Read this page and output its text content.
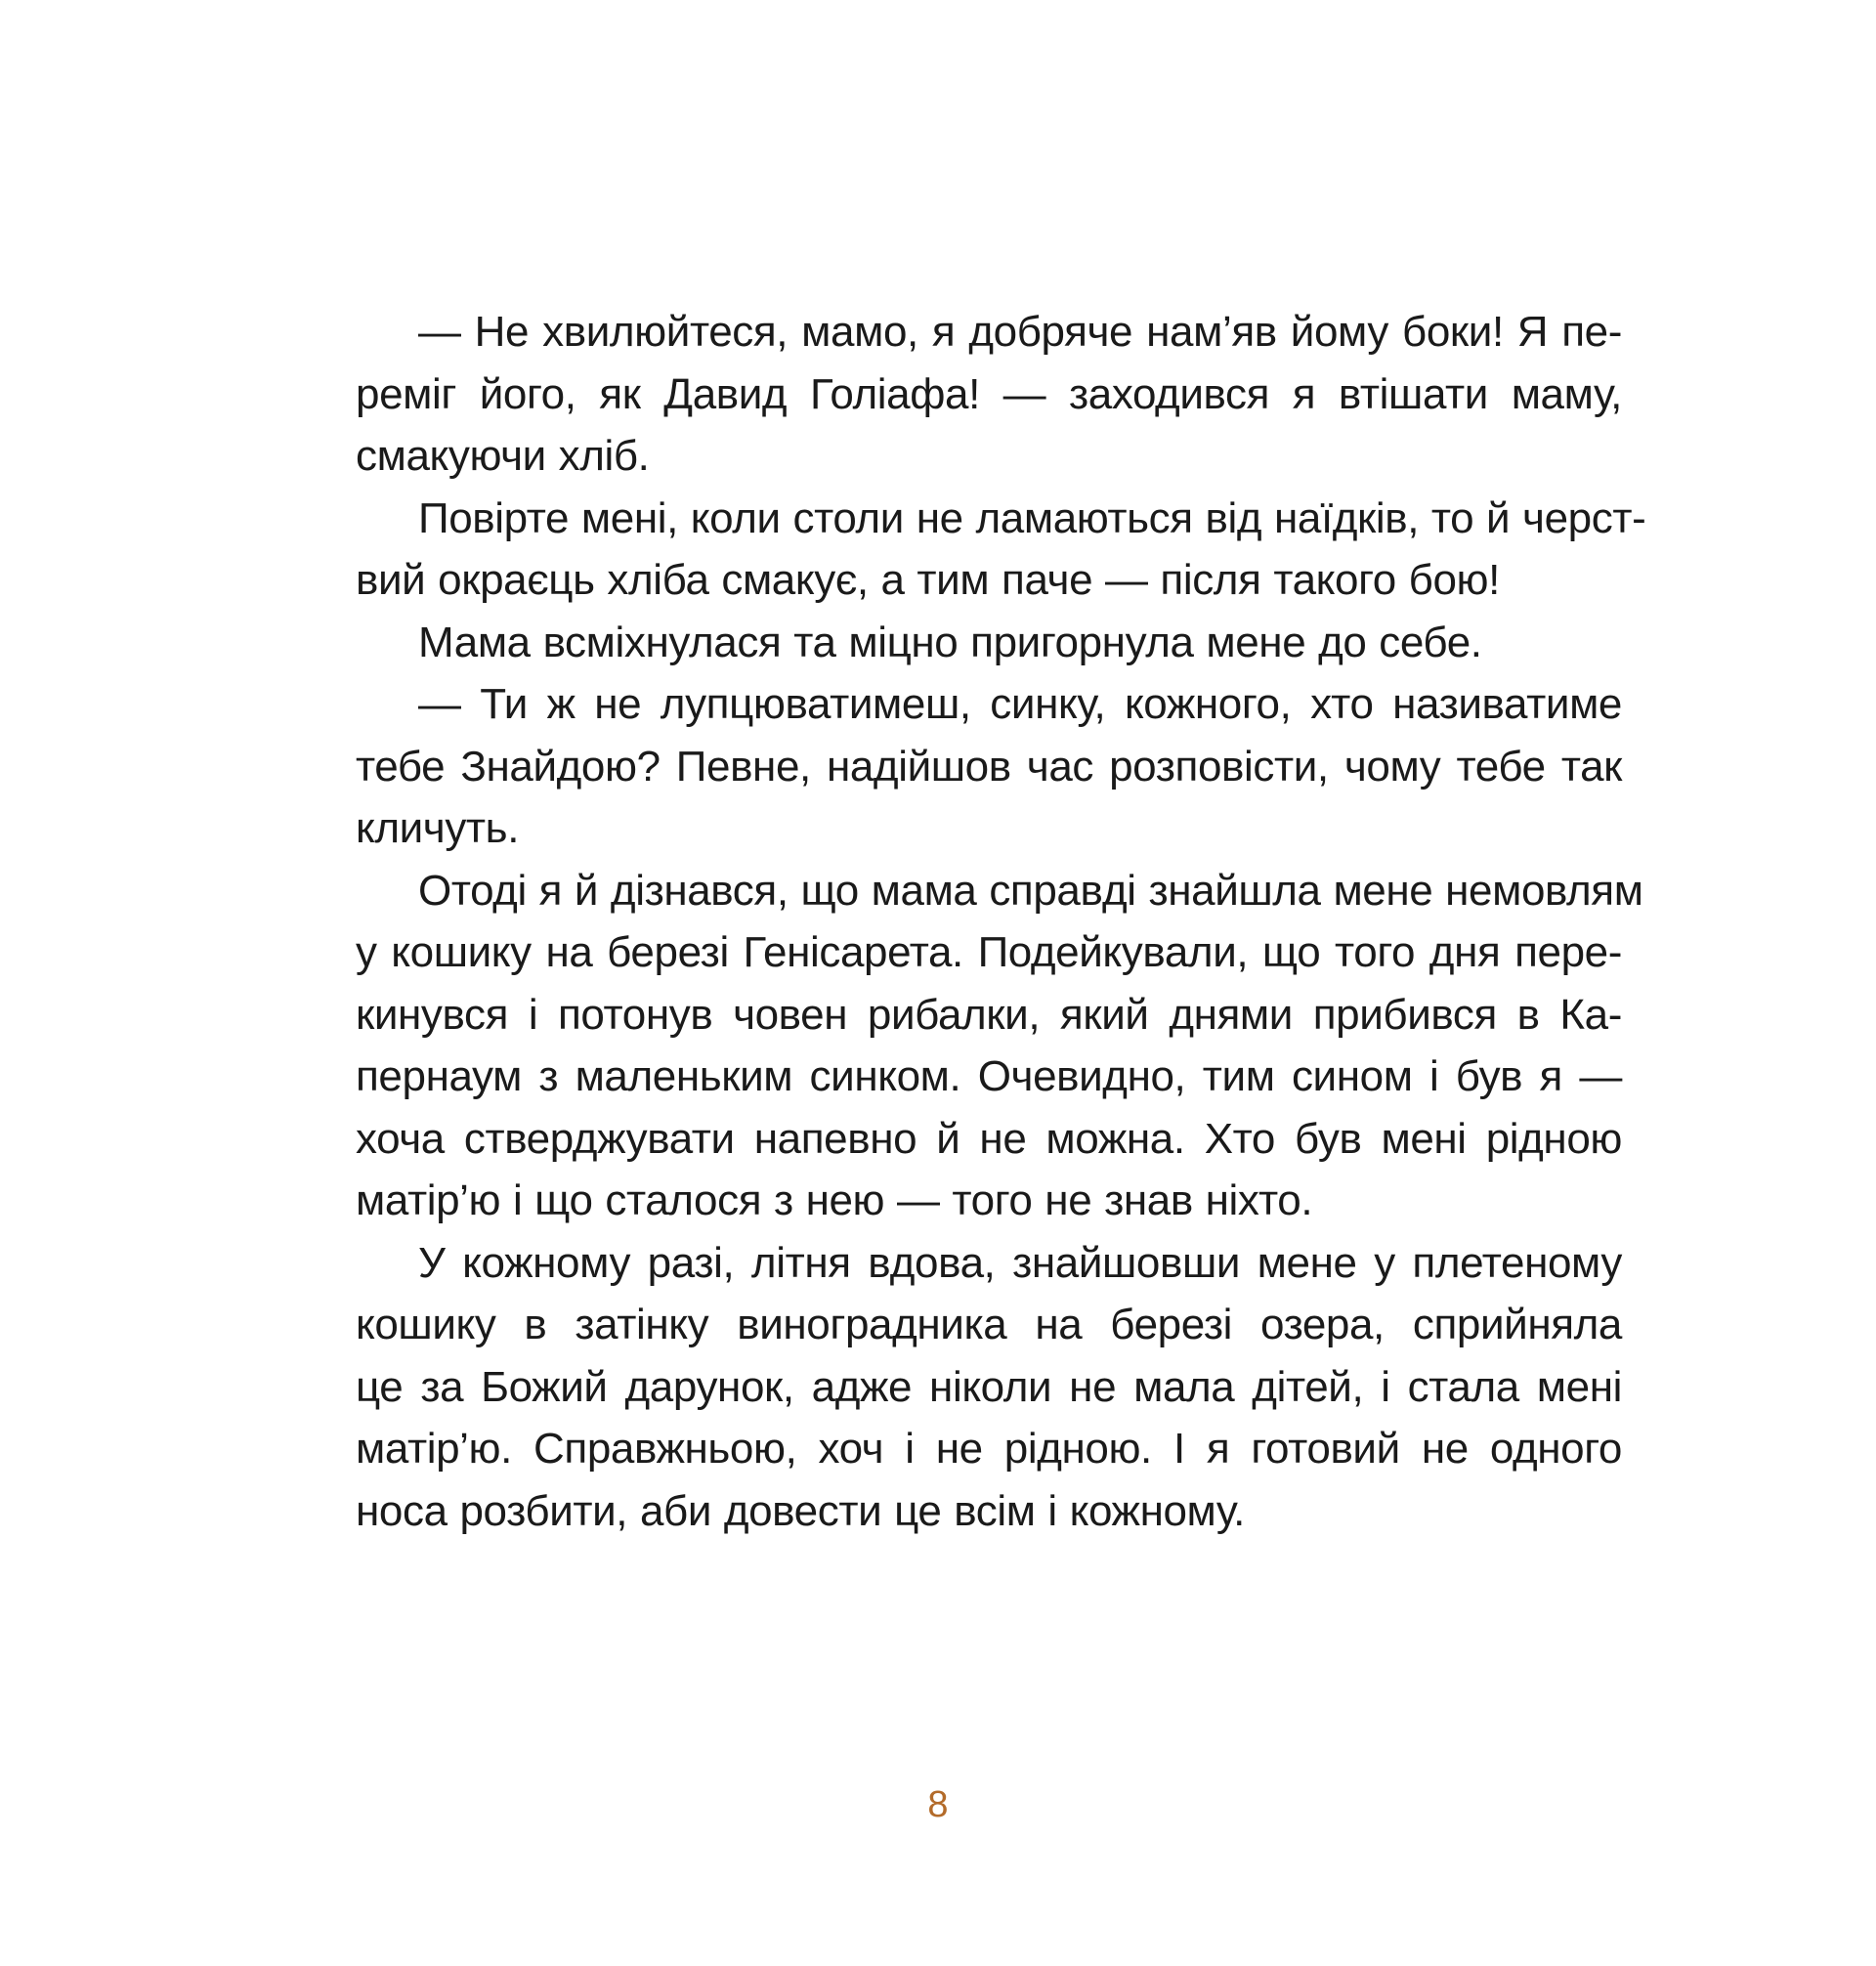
— Не хвилюйтеся, мамо, я добряче нам’яв йому боки! Я пе-
реміг його, як Давид Голіафа! — заходився я втішати маму,
смакуючи хліб.
Повірте мені, коли столи не ламаються від наїдків, то й черст-
вий окраєць хліба смакує, а тим паче — після такого бою!
Мама всміхнулася та міцно пригорнула мене до себе.
— Ти ж не лупцюватимеш, синку, кожного, хто називатиме
тебе Знайдою? Певне, надійшов час розповісти, чому тебе так
кличуть.
Отоді я й дізнався, що мама справді знайшла мене немовлям
у кошику на березі Генісарета. Подейкували, що того дня пере-
кинувся і потонув човен рибалки, який днями прибився в Ка-
пернаум з маленьким синком. Очевидно, тим сином і був я —
хоча стверджувати напевно й не можна. Хто був мені рідною
матір’ю і що сталося з нею — того не знав ніхто.
У кожному разі, літня вдова, знайшовши мене у плетеному
кошику в затінку виноградника на березі озера, сприйняла
це за Божий дарунок, адже ніколи не мала дітей, і стала мені
матір’ю. Справжньою, хоч і не рідною. І я готовий не одного
носа розбити, аби довести це всім і кожному.
8
